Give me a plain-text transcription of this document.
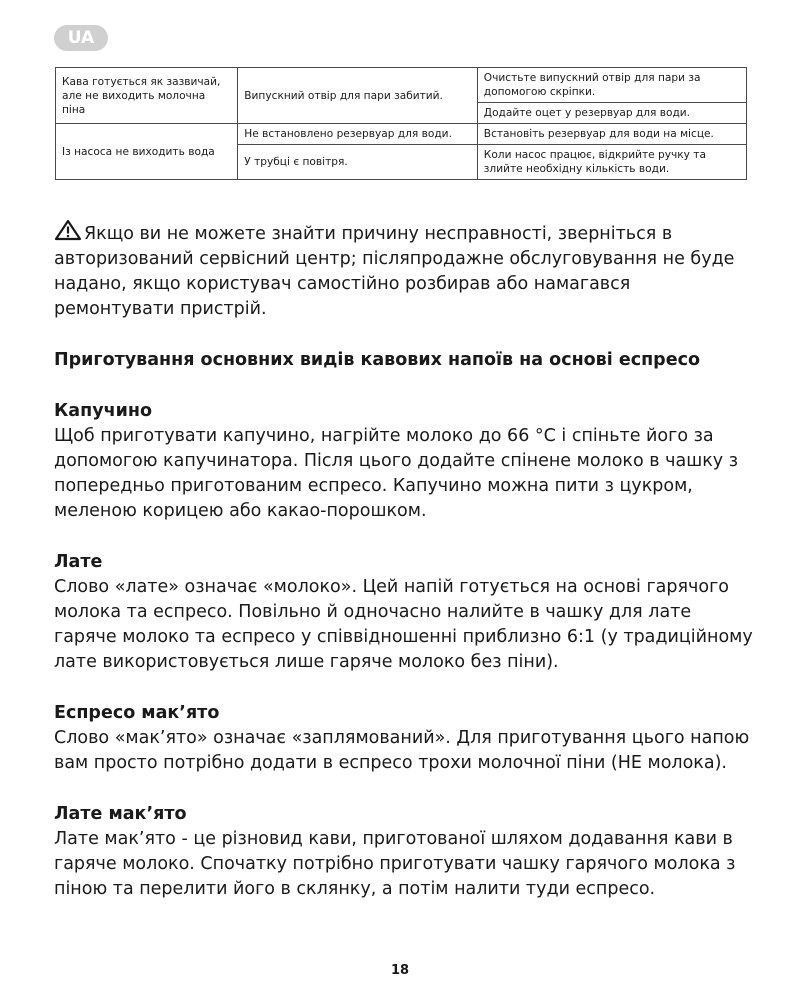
UA
Кава готується як зазвичай, але не виходить молочна піна	Випускний отвір для пари забитий.	Очистьте випускний отвір для пари за допомогою скріпки.
		Додайте оцет у резервуар для води.
Із насоса не виходить вода	Не встановлено резервуар для води.	Встановіть резервуар для води на місце.
	У трубці є повітря.	Коли насос працює, відкрийте ручку та злийте необхідну кількість води.

Якщо ви не можете знайти причину несправності, зверніться в авторизований сервісний центр; післяпродажне обслуговування не буде надано, якщо користувач самостійно розбирав або намагався ремонтувати пристрій.

Приготування основних видів кавових напоїв на основі еспресо

Капучино

Щоб приготувати капучино, нагрійте молоко до 66 °C і спіньте його за допомогою капучинатора. Після цього додайте спінене молоко в чашку з попередньо приготованим еспресо. Капучино можна пити з цукром, меленою корицею або какао-порошком.

Лате

Слово «лате» означає «молоко». Цей напій готується на основі гарячого молока та еспресо. Повільно й одночасно налийте в чашку для лате гаряче молоко та еспресо у співвідношенні приблизно 6:1 (у традиційному лате використовується лише гаряче молоко без піни).

Еспресо мак’ято

Слово «мак’ято» означає «заплямований». Для приготування цього напою вам просто потрібно додати в еспресо трохи молочної піни (НЕ молока).

Лате мак’ято

Лате мак’ято - це різновид кави, приготованої шляхом додавання кави в гаряче молоко. Спочатку потрібно приготувати чашку гарячого молока з піною та перелити його в склянку, а потім налити туди еспресо.

18
